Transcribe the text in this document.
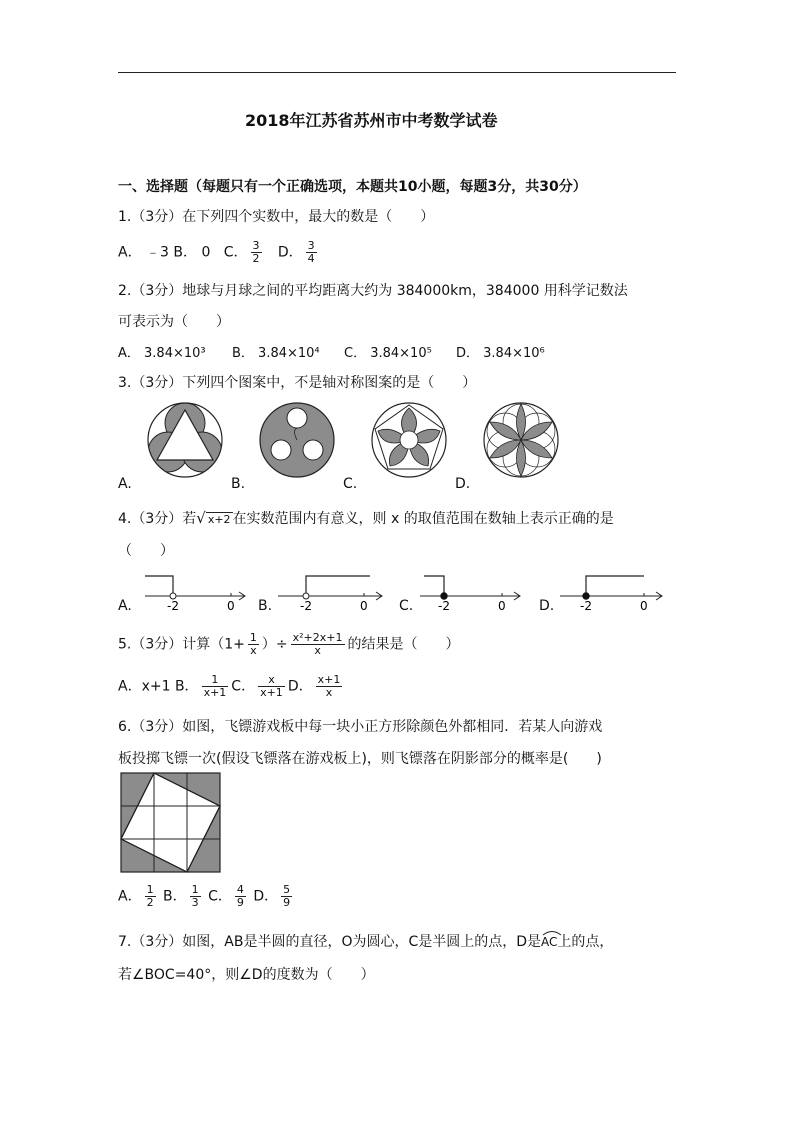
2018年江苏省苏州市中考数学试卷
一、选择题（每题只有一个正确选项，本题共10小题，每题3分，共30分）
1.（3分）在下列四个实数中，最大的数是（　　）
A． ﹣3 B． 0 C． $\frac{3}{2}$ D． $\frac{3}{4}$
2.（3分）地球与月球之间的平均距离大约为 384000km，384000 用科学记数法
可表示为（　　）
A． 3.84×10³ B． 3.84×10⁴ C． 3.84×10⁵ D． 3.84×10⁶
3.（3分）下列四个图案中，不是轴对称图案的是（　　）
A.	B.	C.	D.
4.（3分）若√ x+2 在实数范围内有意义，则 x 的取值范围在数轴上表示正确的是
（　　）
-2	0	-2	0	-2	0	-2	0
A.	B.	C.	D.
5.（3分）计算（$1+ \frac{1}{x}$ ）÷ $\frac{\text{x²+2x+1}}{x}$ 的结果是（　　）
A．x+1 B． $\frac{1}{x+1}$ C． $\frac{x}{x+1}$ D． $\frac{x+1}{x}$
6.（3分）如图，飞镖游戏板中每一块小正方形除颜色外都相同．若某人向游戏
板投掷飞镖一次(假设飞镖落在游戏板上)，则飞镖落在阴影部分的概率是(　　)
A． $\frac{1}{2}$ B． $\frac{1}{3}$ C． $\frac{4}{9}$ D． $\frac{5}{9}$
7.（3分）如图，AB是半圆的直径，O为圆心，C是半圆上的点，D是
AC上的点，
若∠BOC=40°，则∠D的度数为（　　）
